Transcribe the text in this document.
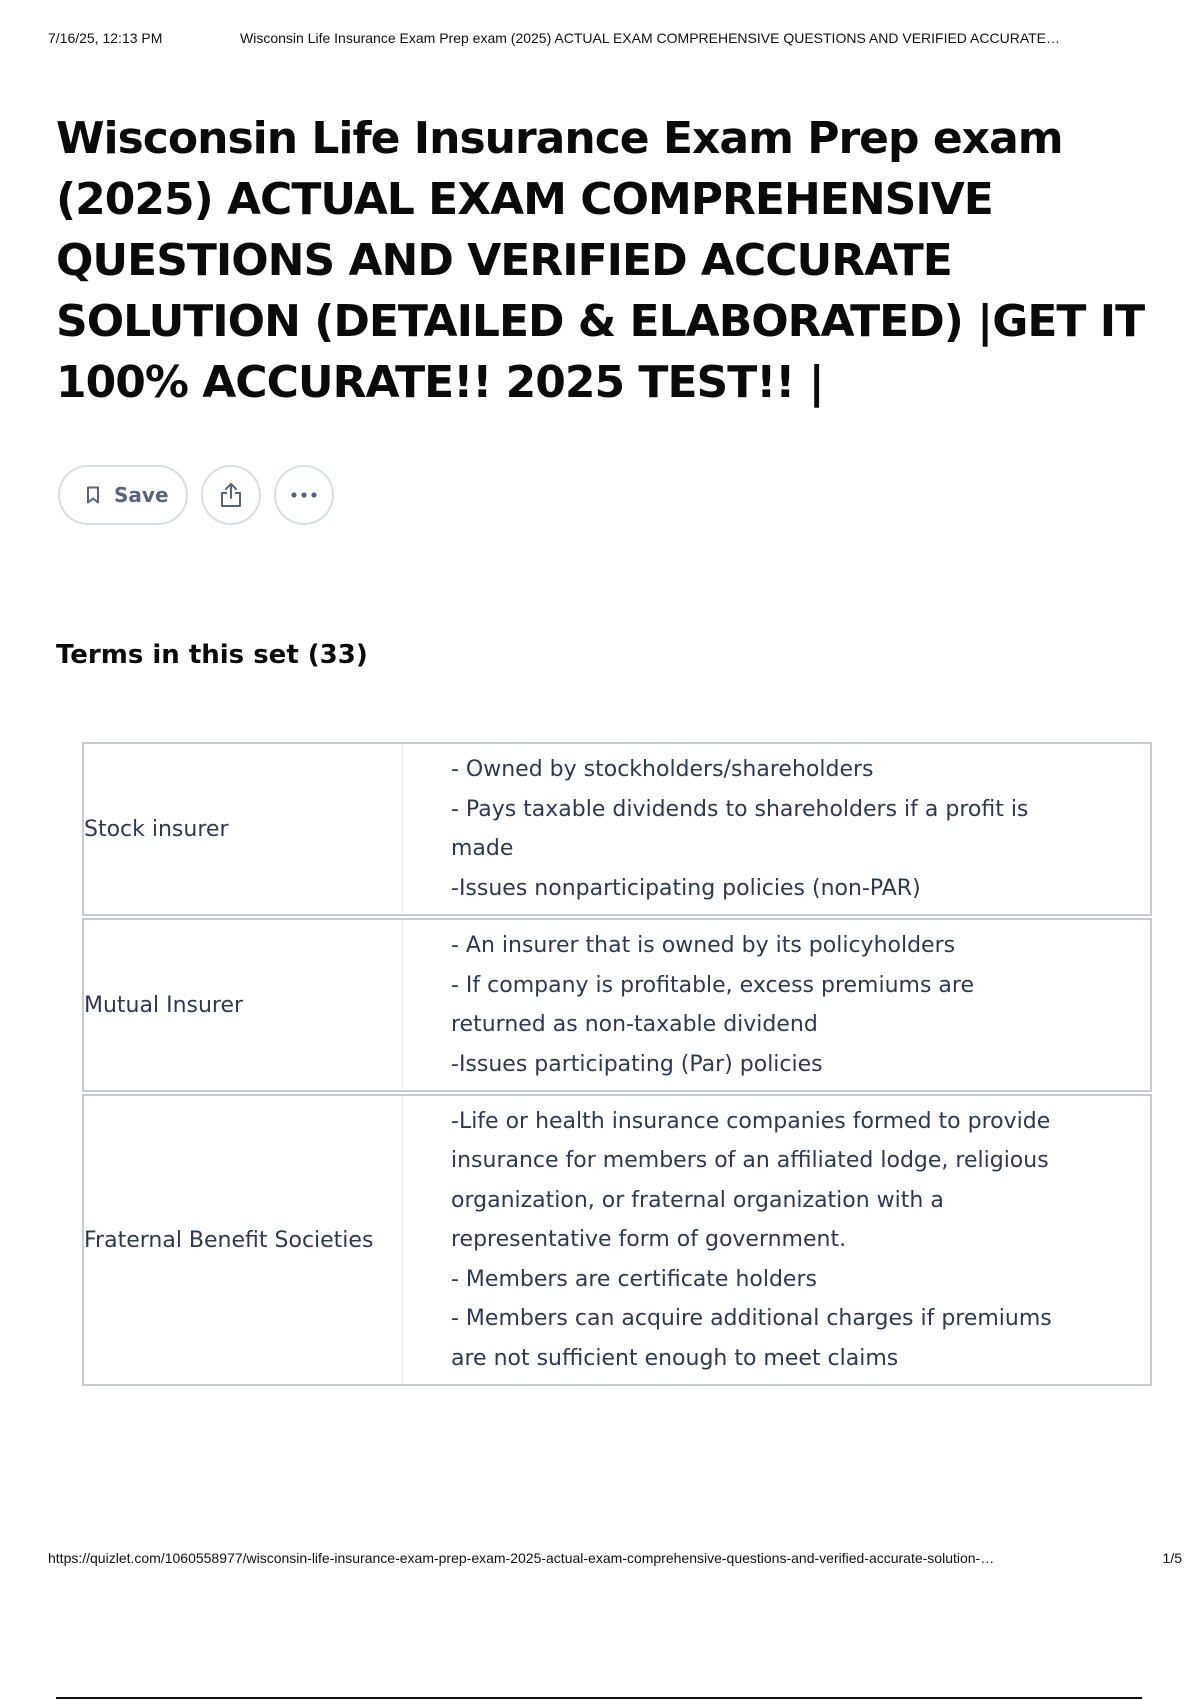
7/16/25, 12:13 PM	Wisconsin Life Insurance Exam Prep exam (2025) ACTUAL EXAM COMPREHENSIVE QUESTIONS AND VERIFIED ACCURATE…
Wisconsin Life Insurance Exam Prep exam (2025) ACTUAL EXAM COMPREHENSIVE QUESTIONS AND VERIFIED ACCURATE SOLUTION (DETAILED & ELABORATED) |GET IT 100% ACCURATE!! 2025 TEST!! |
Save
Terms in this set (33)
Stock insurer
- Owned by stockholders/shareholders
- Pays taxable dividends to shareholders if a profit is made
-Issues nonparticipating policies (non-PAR)
Mutual Insurer
- An insurer that is owned by its policyholders
- If company is profitable, excess premiums are returned as non-taxable dividend
-Issues participating (Par) policies
Fraternal Benefit Societies
-Life or health insurance companies formed to provide insurance for members of an affiliated lodge, religious organization, or fraternal organization with a representative form of government.
- Members are certificate holders
- Members can acquire additional charges if premiums are not sufficient enough to meet claims
https://quizlet.com/1060558977/wisconsin-life-insurance-exam-prep-exam-2025-actual-exam-comprehensive-questions-and-verified-accurate-solution-…	1/5
